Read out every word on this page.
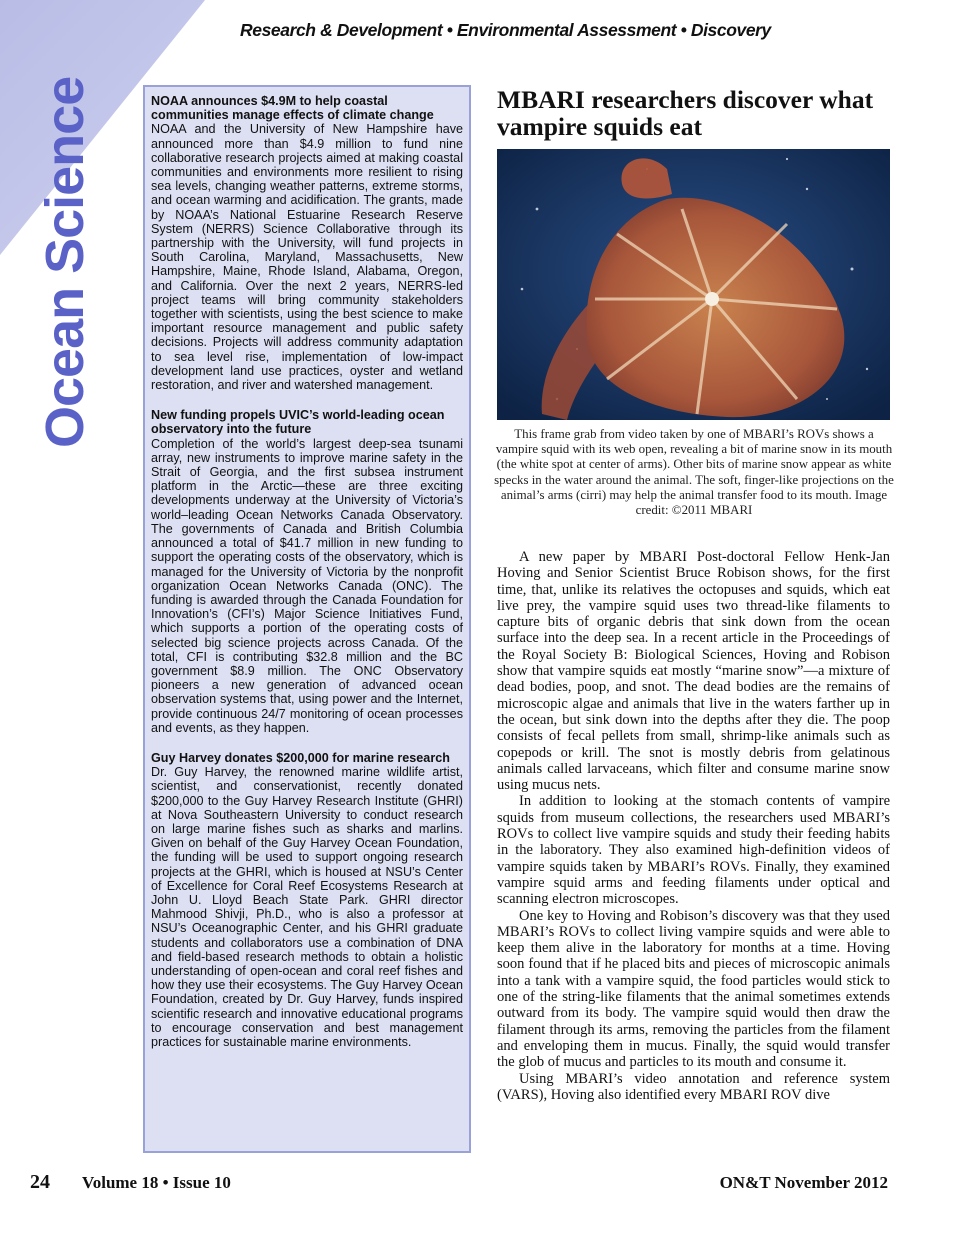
Ocean Science
Research & Development • Environmental Assessment • Discovery
NOAA announces $4.9M to help coastal communities manage effects of climate change
NOAA and the University of New Hampshire have announced more than $4.9 million to fund nine collaborative research projects aimed at making coastal communities and environments more resilient to rising sea levels, changing weather patterns, extreme storms, and ocean warming and acidification. The grants, made by NOAA’s National Estuarine Research Reserve System (NERRS) Science Collaborative through its partnership with the University, will fund projects in South Carolina, Maryland, Massachusetts, New Hampshire, Maine, Rhode Island, Alabama, Oregon, and California. Over the next 2 years, NERRS-led project teams will bring community stakeholders together with scientists, using the best science to make important resource management and public safety decisions. Projects will address community adaptation to sea level rise, implementation of low-impact development land use practices, oyster and wetland restoration, and river and watershed management.
New funding propels UVIC’s world-leading ocean observatory into the future
Completion of the world’s largest deep-sea tsunami array, new instruments to improve marine safety in the Strait of Georgia, and the first subsea instrument platform in the Arctic—these are three exciting developments underway at the University of Victoria’s world–leading Ocean Networks Canada Observatory. The governments of Canada and British Columbia announced a total of $41.7 million in new funding to support the operating costs of the observatory, which is managed for the University of Victoria by the nonprofit organization Ocean Networks Canada (ONC). The funding is awarded through the Canada Foundation for Innovation’s (CFI’s) Major Science Initiatives Fund, which supports a portion of the operating costs of selected big science projects across Canada. Of the total, CFI is contributing $32.8 million and the BC government $8.9 million. The ONC Observatory pioneers a new generation of advanced ocean observation systems that, using power and the Internet, provide continuous 24/7 monitoring of ocean processes and events, as they happen.
Guy Harvey donates $200,000 for marine research
Dr. Guy Harvey, the renowned marine wildlife artist, scientist, and conservationist, recently donated $200,000 to the Guy Harvey Research Institute (GHRI) at Nova Southeastern University to conduct research on large marine fishes such as sharks and marlins. Given on behalf of the Guy Harvey Ocean Foundation, the funding will be used to support ongoing research projects at the GHRI, which is housed at NSU’s Center of Excellence for Coral Reef Ecosystems Research at John U. Lloyd Beach State Park. GHRI director Mahmood Shivji, Ph.D., who is also a professor at NSU’s Oceanographic Center, and his GHRI graduate students and collaborators use a combination of DNA and field-based research methods to obtain a holistic understanding of open-ocean and coral reef fishes and how they use their ecosystems. The Guy Harvey Ocean Foundation, created by Dr. Guy Harvey, funds inspired scientific research and innovative educational programs to encourage conservation and best management practices for sustainable marine environments.
MBARI researchers discover what vampire squids eat
This frame grab from video taken by one of MBARI’s ROVs shows a vampire squid with its web open, revealing a bit of marine snow in its mouth (the white spot at center of arms). Other bits of marine snow appear as white specks in the water around the animal. The soft, finger-like projections on the animal’s arms (cirri) may help the animal transfer food to its mouth. Image credit: ©2011 MBARI

A new paper by MBARI Post-doctoral Fellow Henk-Jan Hoving and Senior Scientist Bruce Robison shows, for the first time, that, unlike its relatives the octopuses and squids, which eat live prey, the vampire squid uses two thread-like filaments to capture bits of organic debris that sink down from the ocean surface into the deep sea. In a recent article in the Proceedings of the Royal Society B: Biological Sciences, Hoving and Robison show that vampire squids eat mostly “marine snow”—a mixture of dead bodies, poop, and snot. The dead bodies are the remains of microscopic algae and animals that live in the waters farther up in the ocean, but sink down into the depths after they die. The poop consists of fecal pellets from small, shrimp-like animals such as copepods or krill. The snot is mostly debris from gelatinous animals called larvaceans, which filter and consume marine snow using mucus nets.

In addition to looking at the stomach contents of vampire squids from museum collections, the researchers used MBARI’s ROVs to collect live vampire squids and study their feeding habits in the laboratory. They also examined high-definition videos of vampire squids taken by MBARI’s ROVs. Finally, they examined vampire squid arms and feeding filaments under optical and scanning electron microscopes.

One key to Hoving and Robison’s discovery was that they used MBARI’s ROVs to collect living vampire squids and were able to keep them alive in the laboratory for months at a time. Hoving soon found that if he placed bits and pieces of microscopic animals into a tank with a vampire squid, the food particles would stick to one of the string-like filaments that the animal sometimes extends outward from its body. The vampire squid would then draw the filament through its arms, removing the particles from the filament and enveloping them in mucus. Finally, the squid would transfer the glob of mucus and particles to its mouth and consume it.

Using MBARI’s video annotation and reference system (VARS), Hoving also identified every MBARI ROV dive

24 Volume 18 • Issue 10	ON&T November 2012
